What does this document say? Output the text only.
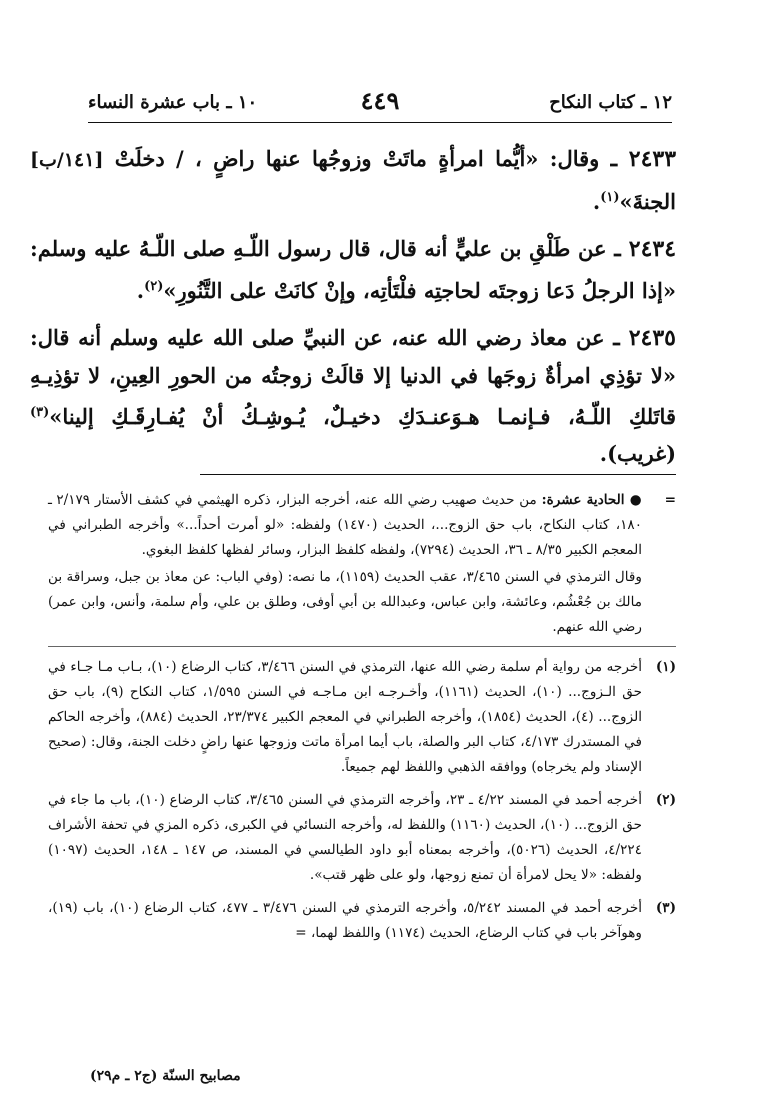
١٢ ـ كتاب النكاح
٤٤٩
١٠ ـ باب عشرة النساء

٢٤٣٣ ـ وقال: «أيُّما امرأةٍ ماتَتْ وزوجُها عنها راضٍ ، / دخلَتْ [١٤١/ب] الجنةَ»$^{(١)}$.

٢٤٣٤ ـ عن طَلْقِ بن عليٍّ أنه قال، قال رسول اللّـهِ صلى اللّـهُ عليه وسلم: «إذا الرجلُ دَعا زوجتَه لحاجتِه فلْتَأتِه، وإنْ كانَتْ على التَّنُورِ»$^{(٢)}$.

٢٤٣٥ ـ عن معاذ رضي الله عنه، عن النبيِّ صلى الله عليه وسلم أنه قال: «لا تؤذِي امرأةٌ زوجَها في الدنيا إلا قالَتْ زوجتُه من الحورِ العِينِ، لا تؤذِيـهِ قاتَلكِ اللّـهُ، فـإنمـا هـوَعنـدَكِ دخيـلٌ، يُـوشِـكُ أنْ يُفـارِقَـكِ إلينا»$^{(٣)}$ (غريب).

=
● الحادية عشرة: من حديث صهيب رضي الله عنه، أخرجه البزار، ذكره الهيثمي في كشف الأستار ٢/١٧٩ ـ ١٨٠، كتاب النكاح، باب حق الزوج...، الحديث (١٤٧٠) ولفظه: «لو أمرت أحداً...» وأخرجه الطبراني في المعجم الكبير ٨/٣٥ ـ ٣٦، الحديث (٧٢٩٤)، ولفظه كلفظ البزار، وسائر لفظها كلفظ البغوي.
وقال الترمذي في السنن ٣/٤٦٥، عقب الحديث (١١٥٩)، ما نصه: (وفي الباب: عن معاذ بن جبل، وسراقة بن مالك بن جُعْشُم، وعائشة، وابن عباس، وعبدالله بن أبي أوفى، وطلق بن علي، وأم سلمة، وأنس، وابن عمر) رضي الله عنهم.
(١)
أخرجه من رواية أم سلمة رضي الله عنها، الترمذي في السنن ٣/٤٦٦، كتاب الرضاع (١٠)، بـاب مـا جـاء في حق الـزوج... (١٠)، الحديث (١١٦١)، وأخـرجـه ابن مـاجـه في السنن ١/٥٩٥، كتاب النكاح (٩)، باب حق الزوج... (٤)، الحديث (١٨٥٤)، وأخرجه الطبراني في المعجم الكبير ٢٣/٣٧٤، الحديث (٨٨٤)، وأخرجه الحاكم في المستدرك ٤/١٧٣، كتاب البر والصلة، باب أيما امرأة ماتت وزوجها عنها راضٍ دخلت الجنة، وقال: (صحيح الإسناد ولم يخرجاه) ووافقه الذهبي واللفظ لهم جميعاً.
(٢)
أخرجه أحمد في المسند ٤/٢٢ ـ ٢٣، وأخرجه الترمذي في السنن ٣/٤٦٥، كتاب الرضاع (١٠)، باب ما جاء في حق الزوج... (١٠)، الحديث (١١٦٠) واللفظ له، وأخرجه النسائي في الكبرى، ذكره المزي في تحفة الأشراف ٤/٢٢٤، الحديث (٥٠٢٦)، وأخرجه بمعناه أبو داود الطيالسي في المسند، ص ١٤٧ ـ ١٤٨، الحديث (١٠٩٧) ولفظه: «لا يحل لامرأة أن تمنع زوجها، ولو على ظهر قتب».
(٣)
أخرجه أحمد في المسند ٥/٢٤٢، وأخرجه الترمذي في السنن ٣/٤٧٦ ـ ٤٧٧، كتاب الرضاع (١٠)، باب (١٩)، وهوآخر باب في كتاب الرضاع، الحديث (١١٧٤) واللفظ لهما، =
مصابيح السنّة (ج٢ ـ م٢٩)
